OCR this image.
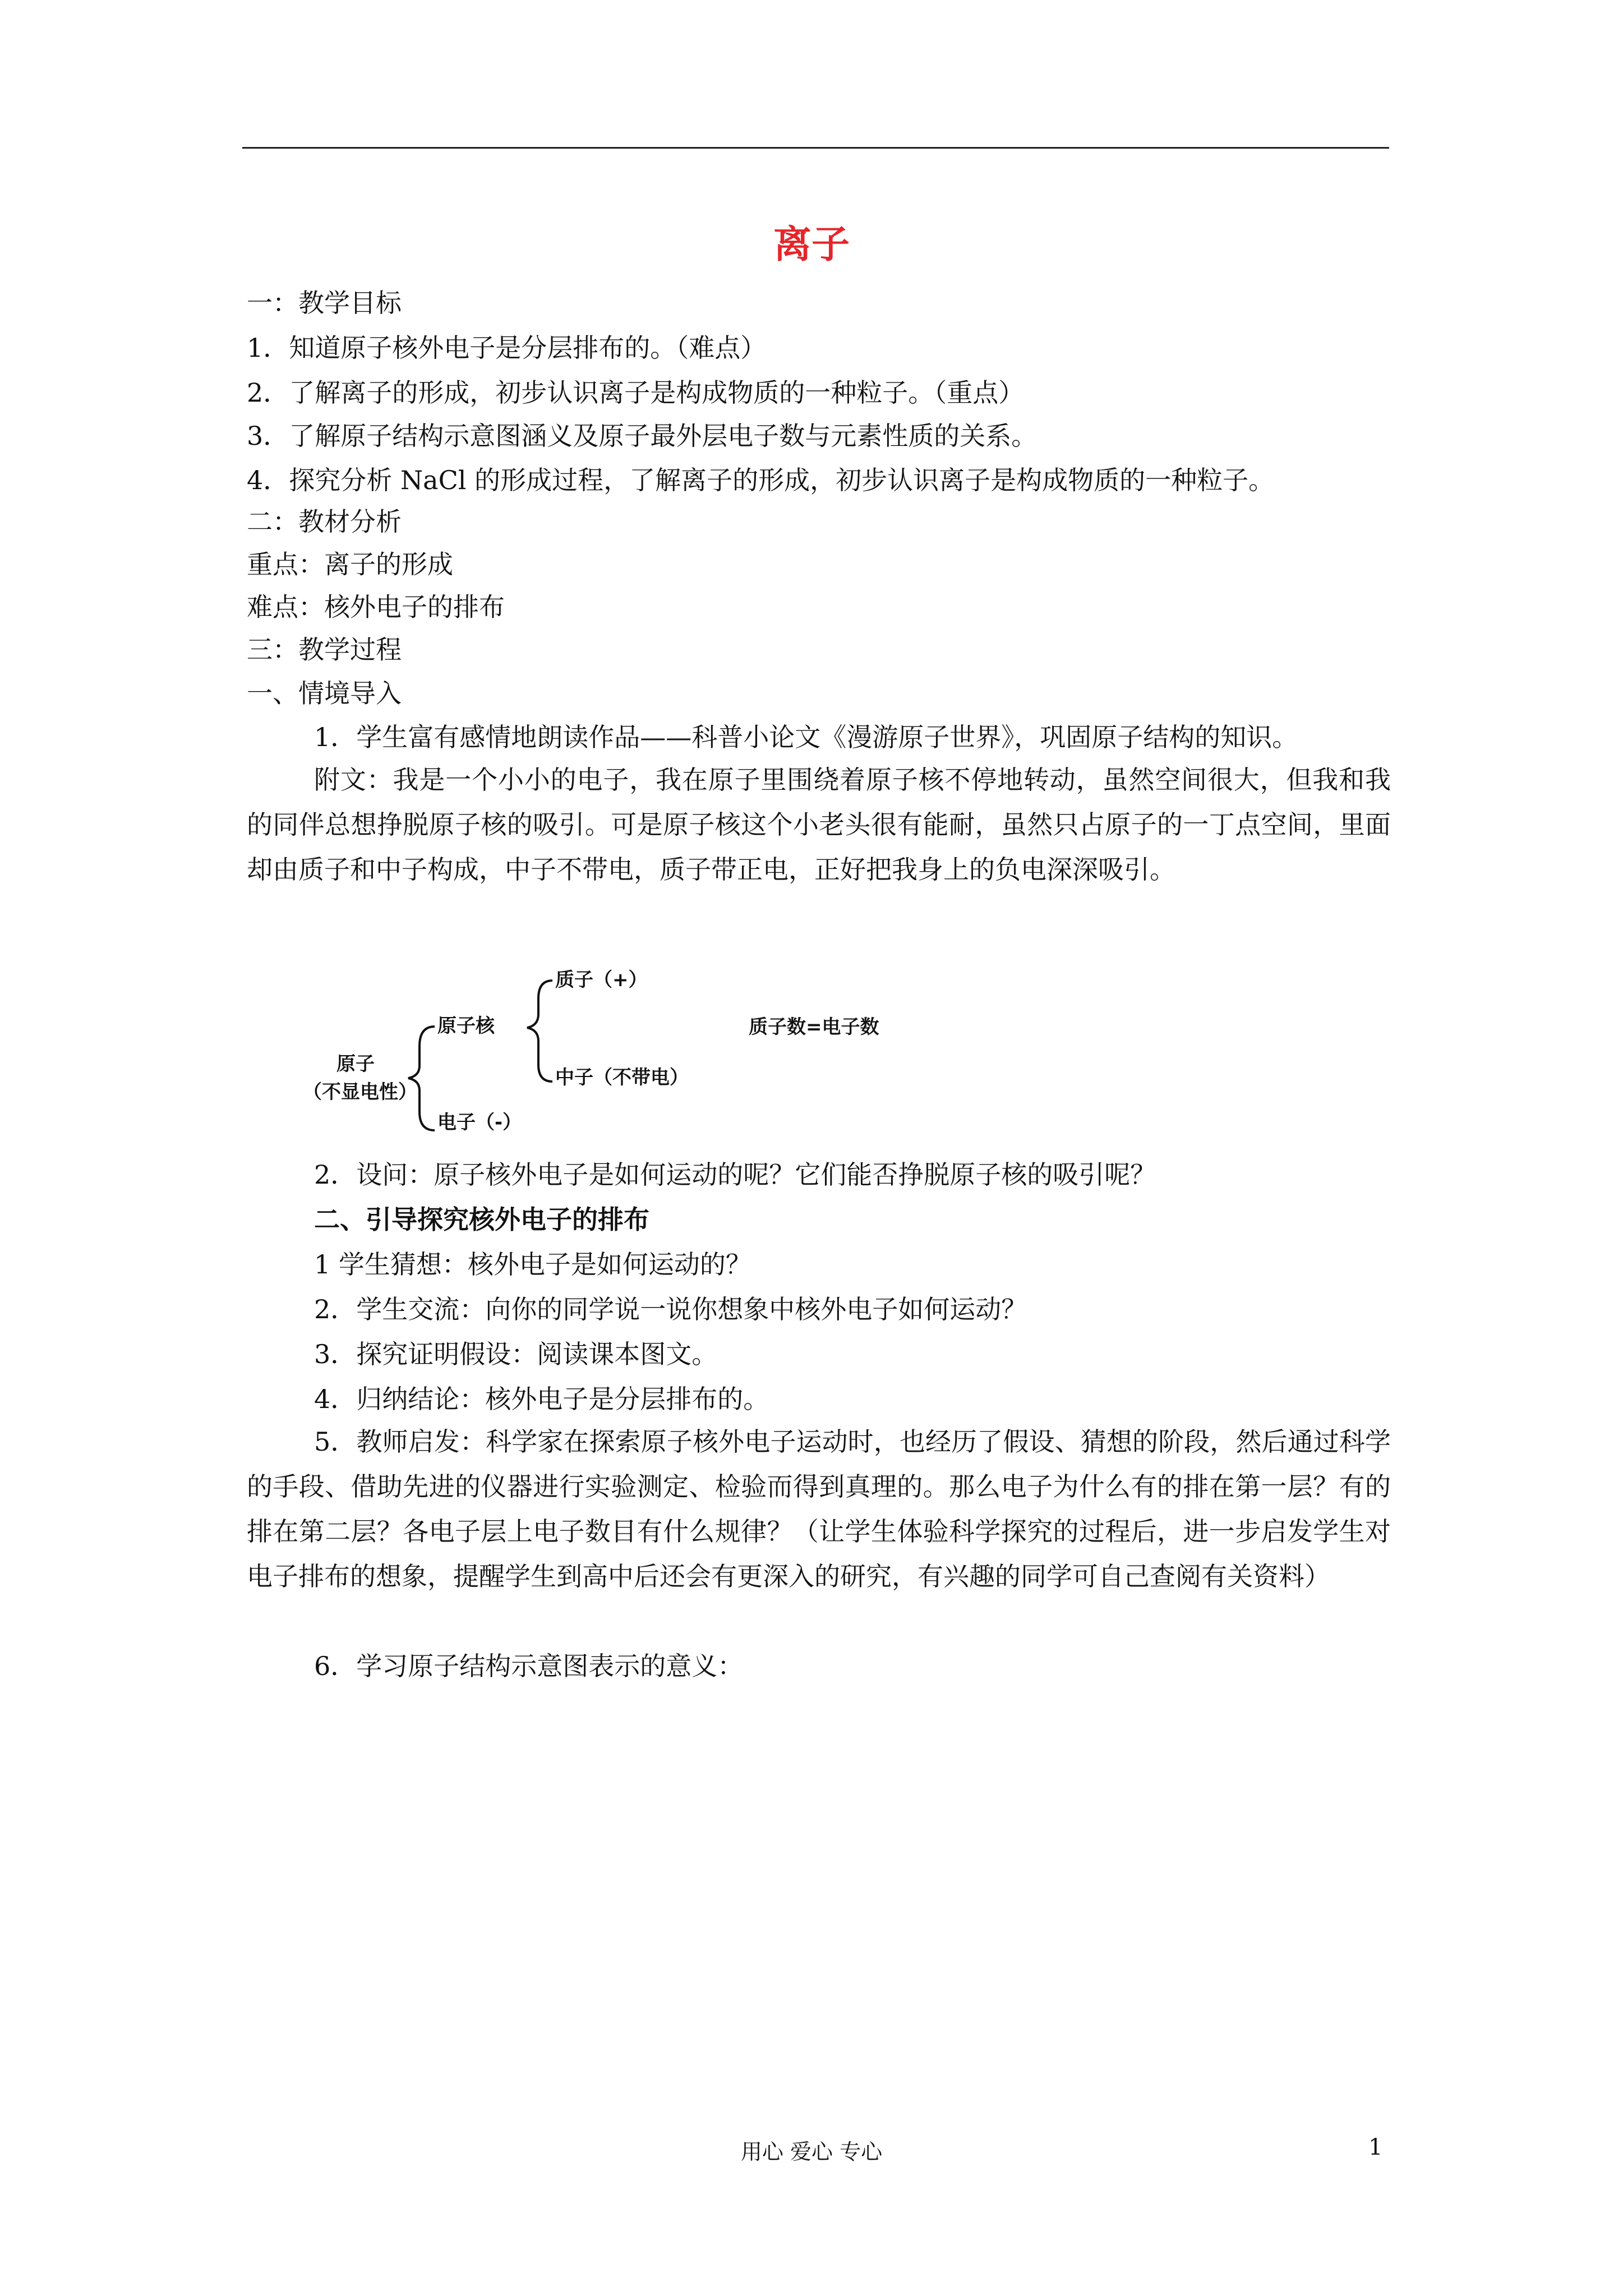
离子
一：教学目标
1．知道原子核外电子是分层排布的。（难点）
2．了解离子的形成，初步认识离子是构成物质的一种粒子。（重点）
3．了解原子结构示意图涵义及原子最外层电子数与元素性质的关系。
4．探究分析 NaCl 的形成过程，了解离子的形成，初步认识离子是构成物质的一种粒子。
二：教材分析
重点：离子的形成
难点：核外电子的排布
三：教学过程
一、情境导入
1．学生富有感情地朗读作品——科普小论文《漫游原子世界》，巩固原子结构的知识。
附文：我是一个小小的电子，我在原子里围绕着原子核不停地转动，虽然空间很大，但我和我的同伴总想挣脱原子核的吸引。可是原子核这个小老头很有能耐，虽然只占原子的一丁点空间，里面却由质子和中子构成，中子不带电，质子带正电，正好把我身上的负电深深吸引。
原子
（不显电性）
原子核
电子（-）
质子（+）
中子（不带电）
质子数=电子数
2．设问：原子核外电子是如何运动的呢？它们能否挣脱原子核的吸引呢？
二、引导探究核外电子的排布
1 学生猜想：核外电子是如何运动的？
2．学生交流：向你的同学说一说你想象中核外电子如何运动？
3．探究证明假设：阅读课本图文。
4．归纳结论：核外电子是分层排布的。
5．教师启发：科学家在探索原子核外电子运动时，也经历了假设、猜想的阶段，然后通过科学的手段、借助先进的仪器进行实验测定、检验而得到真理的。那么电子为什么有的排在第一层？有的排在第二层？各电子层上电子数目有什么规律？（让学生体验科学探究的过程后，进一步启发学生对电子排布的想象，提醒学生到高中后还会有更深入的研究，有兴趣的同学可自己查阅有关资料）
6．学习原子结构示意图表示的意义：
用心 爱心 专心	1
